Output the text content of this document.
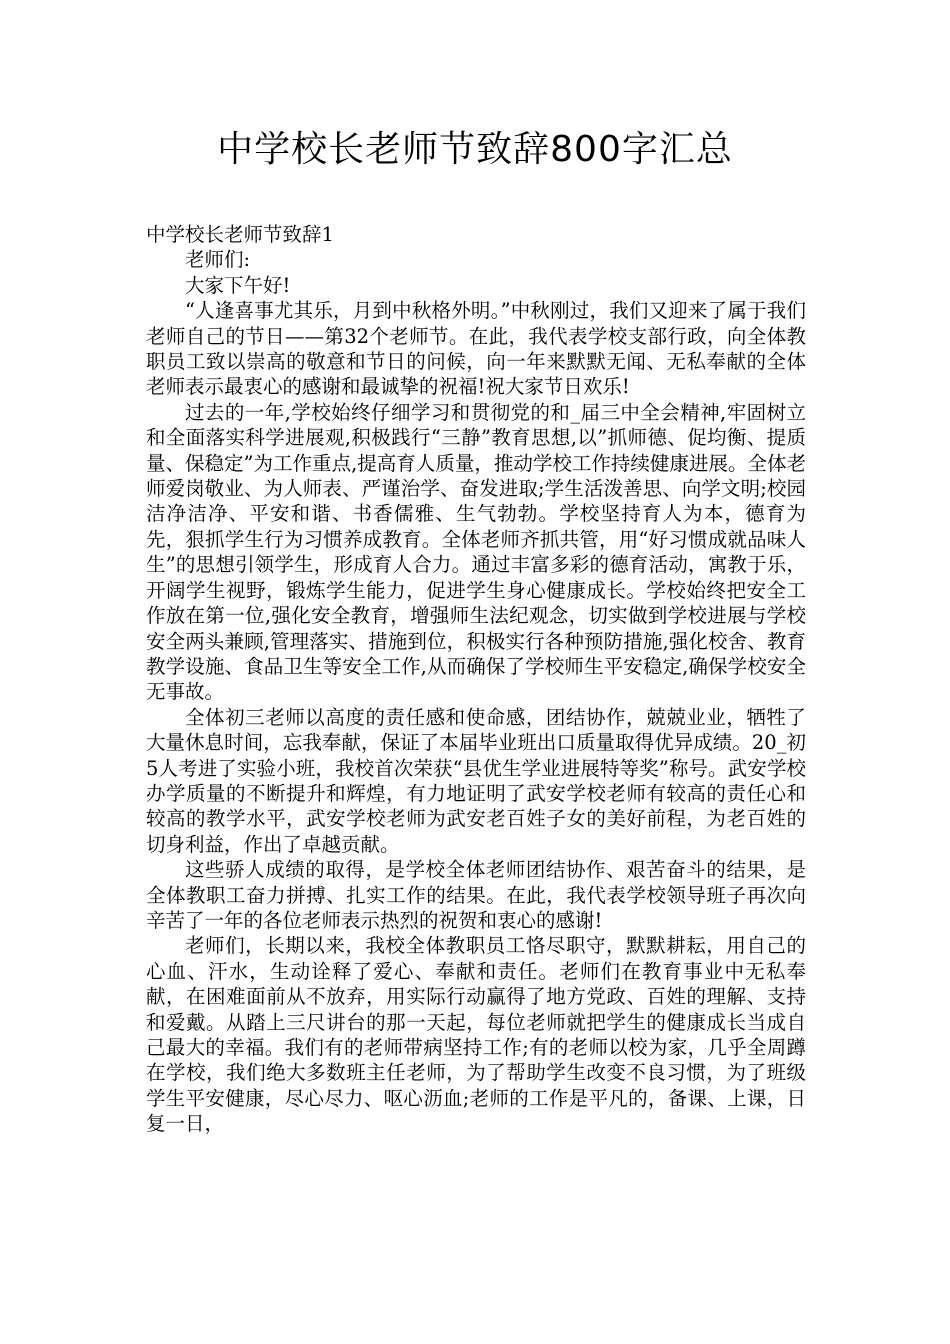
中学校长老师节致辞800字汇总

中学校长老师节致辞1

老师们:

大家下午好!

“人逢喜事尤其乐，月到中秋格外明。”中秋刚过，我们又迎来了属于我们老师自己的节日——第32个老师节。在此，我代表学校支部行政，向全体教职员工致以崇高的敬意和节日的问候，向一年来默默无闻、无私奉献的全体老师表示最衷心的感谢和最诚挚的祝福!祝大家节日欢乐!

过去的一年,学校始终仔细学习和贯彻党的和_届三中全会精神,牢固树立和全面落实科学进展观,积极践行“三静”教育思想,以”抓师德、促均衡、提质量、保稳定”为工作重点,提高育人质量，推动学校工作持续健康进展。全体老师爱岗敬业、为人师表、严谨治学、奋发进取;学生活泼善思、向学文明;校园洁净洁净、平安和谐、书香儒雅、生气勃勃。学校坚持育人为本，德育为先，狠抓学生行为习惯养成教育。全体老师齐抓共管，用“好习惯成就品味人生”的思想引领学生，形成育人合力。通过丰富多彩的德育活动，寓教于乐，开阔学生视野，锻炼学生能力，促进学生身心健康成长。学校始终把安全工作放在第一位,强化安全教育，增强师生法纪观念，切实做到学校进展与学校安全两头兼顾,管理落实、措施到位，积极实行各种预防措施,强化校舍、教育教学设施、食品卫生等安全工作,从而确保了学校师生平安稳定,确保学校安全无事故。

全体初三老师以高度的责任感和使命感，团结协作，兢兢业业，牺牲了大量休息时间，忘我奉献，保证了本届毕业班出口质量取得优异成绩。20_初5人考进了实验小班，我校首次荣获“县优生学业进展特等奖”称号。武安学校办学质量的不断提升和辉煌，有力地证明了武安学校老师有较高的责任心和较高的教学水平，武安学校老师为武安老百姓子女的美好前程，为老百姓的切身利益，作出了卓越贡献。

这些骄人成绩的取得，是学校全体老师团结协作、艰苦奋斗的结果，是全体教职工奋力拼搏、扎实工作的结果。在此，我代表学校领导班子再次向辛苦了一年的各位老师表示热烈的祝贺和衷心的感谢!

老师们，长期以来，我校全体教职员工恪尽职守，默默耕耘，用自己的心血、汗水，生动诠释了爱心、奉献和责任。老师们在教育事业中无私奉献，在困难面前从不放弃，用实际行动赢得了地方党政、百姓的理解、支持和爱戴。从踏上三尺讲台的那一天起，每位老师就把学生的健康成长当成自己最大的幸福。我们有的老师带病坚持工作;有的老师以校为家，几乎全周蹲在学校，我们绝大多数班主任老师，为了帮助学生改变不良习惯，为了班级学生平安健康，尽心尽力、呕心沥血;老师的工作是平凡的，备课、上课，日复一日，
